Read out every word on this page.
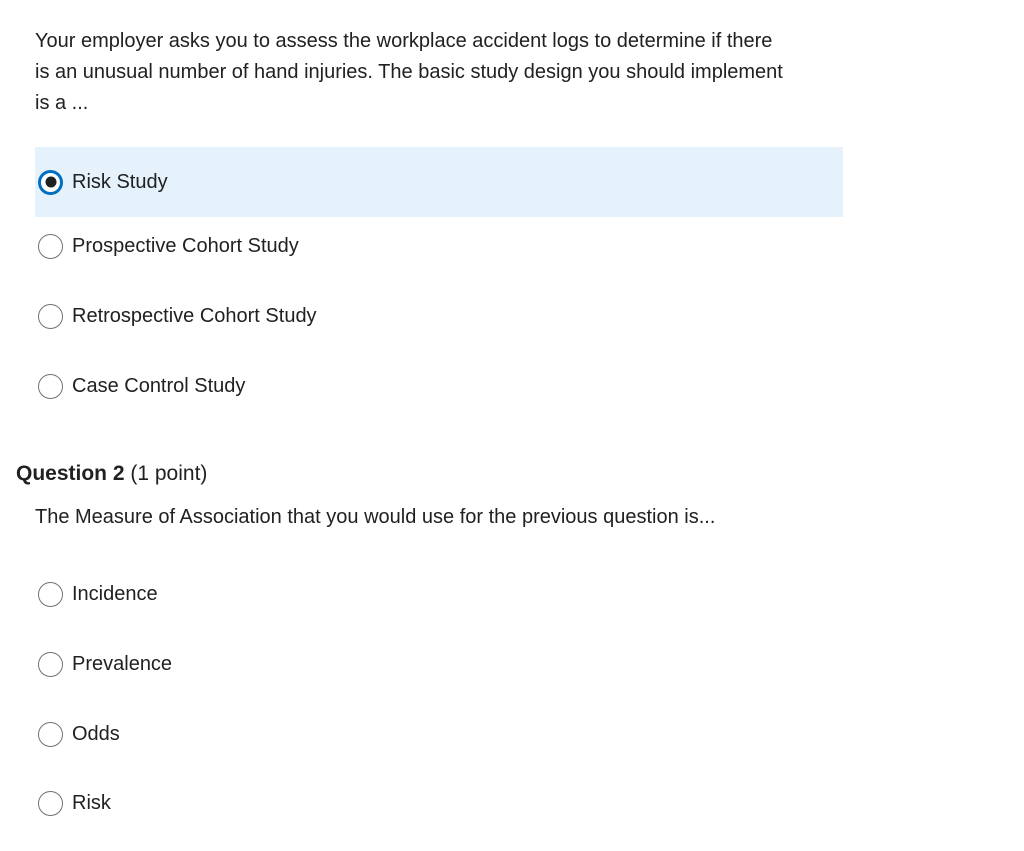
Your employer asks you to assess the workplace accident logs to determine if there
is an unusual number of hand injuries. The basic study design you should implement
is a ...

Risk Study
Prospective Cohort Study
Retrospective Cohort Study
Case Control Study

Question 2 (1 point)

The Measure of Association that you would use for the previous question is...

Incidence
Prevalence
Odds
Risk
